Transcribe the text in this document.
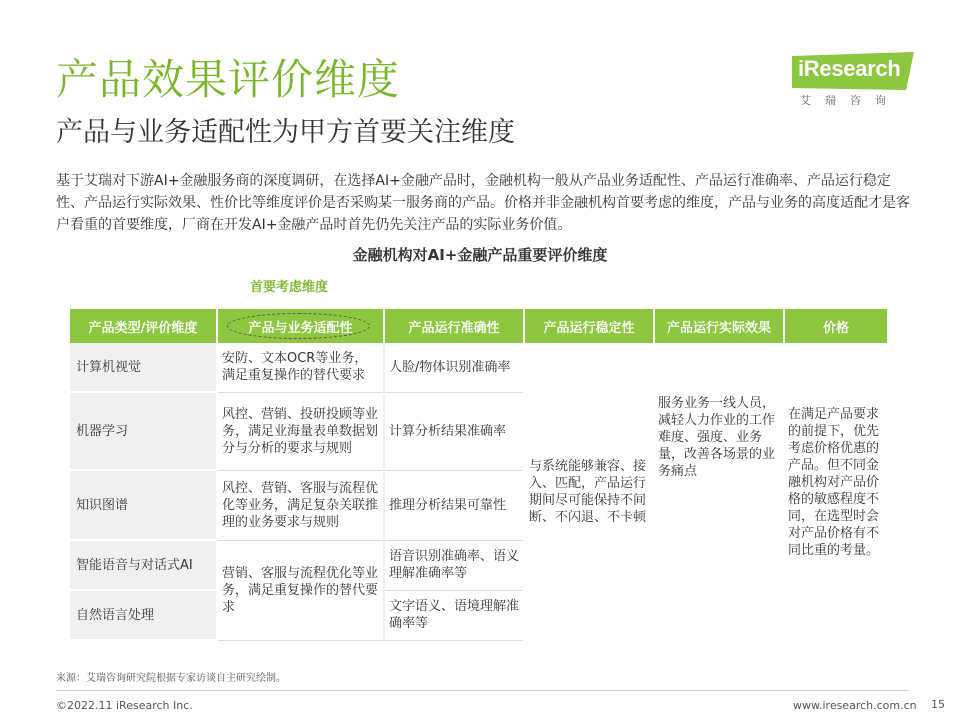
产品效果评价维度
产品与业务适配性为甲方首要关注维度
iResearch
艾瑞咨询
基于艾瑞对下游AI+金融服务商的深度调研，在选择AI+金融产品时，金融机构一般从产品业务适配性、产品运行准确率、产品运行稳定性、产品运行实际效果、性价比等维度评价是否采购某一服务商的产品。价格并非金融机构首要考虑的维度，产品与业务的高度适配才是客户看重的首要维度，厂商在开发AI+金融产品时首先仍先关注产品的实际业务价值。
金融机构对AI+金融产品重要评价维度
首要考虑维度
产品类型/评价维度	产品与业务适配性	产品运行准确性	产品运行稳定性	产品运行实际效果	价格
计算机视觉	安防、文本OCR等业务，满足重复操作的替代要求	人脸/物体识别准确率	与系统能够兼容、接入、匹配，产品运行期间尽可能保持不间断、不闪退、不卡顿	服务业务一线人员，减轻人力作业的工作难度、强度、业务量，改善各场景的业务痛点	在满足产品要求的前提下，优先考虑价格优惠的产品。但不同金融机构对产品价格的敏感程度不同，在选型时会对产品价格有不同比重的考量。
机器学习	风控、营销、投研投顾等业务，满足业海量表单数据划分与分析的要求与规则	计算分析结果准确率			
知识图谱	风控、营销、客服与流程优化等业务，满足复杂关联推理的业务要求与规则	推理分析结果可靠性			
智能语音与对话式AI	营销、客服与流程优化等业务，满足重复操作的替代要求	语音识别准确率、语义理解准确率等			
自然语言处理		文字语义、语境理解准确率等			
来源：艾瑞咨询研究院根据专家访谈自主研究绘制。
©2022.11 iResearch Inc.	www.iresearch.com.cn 15
